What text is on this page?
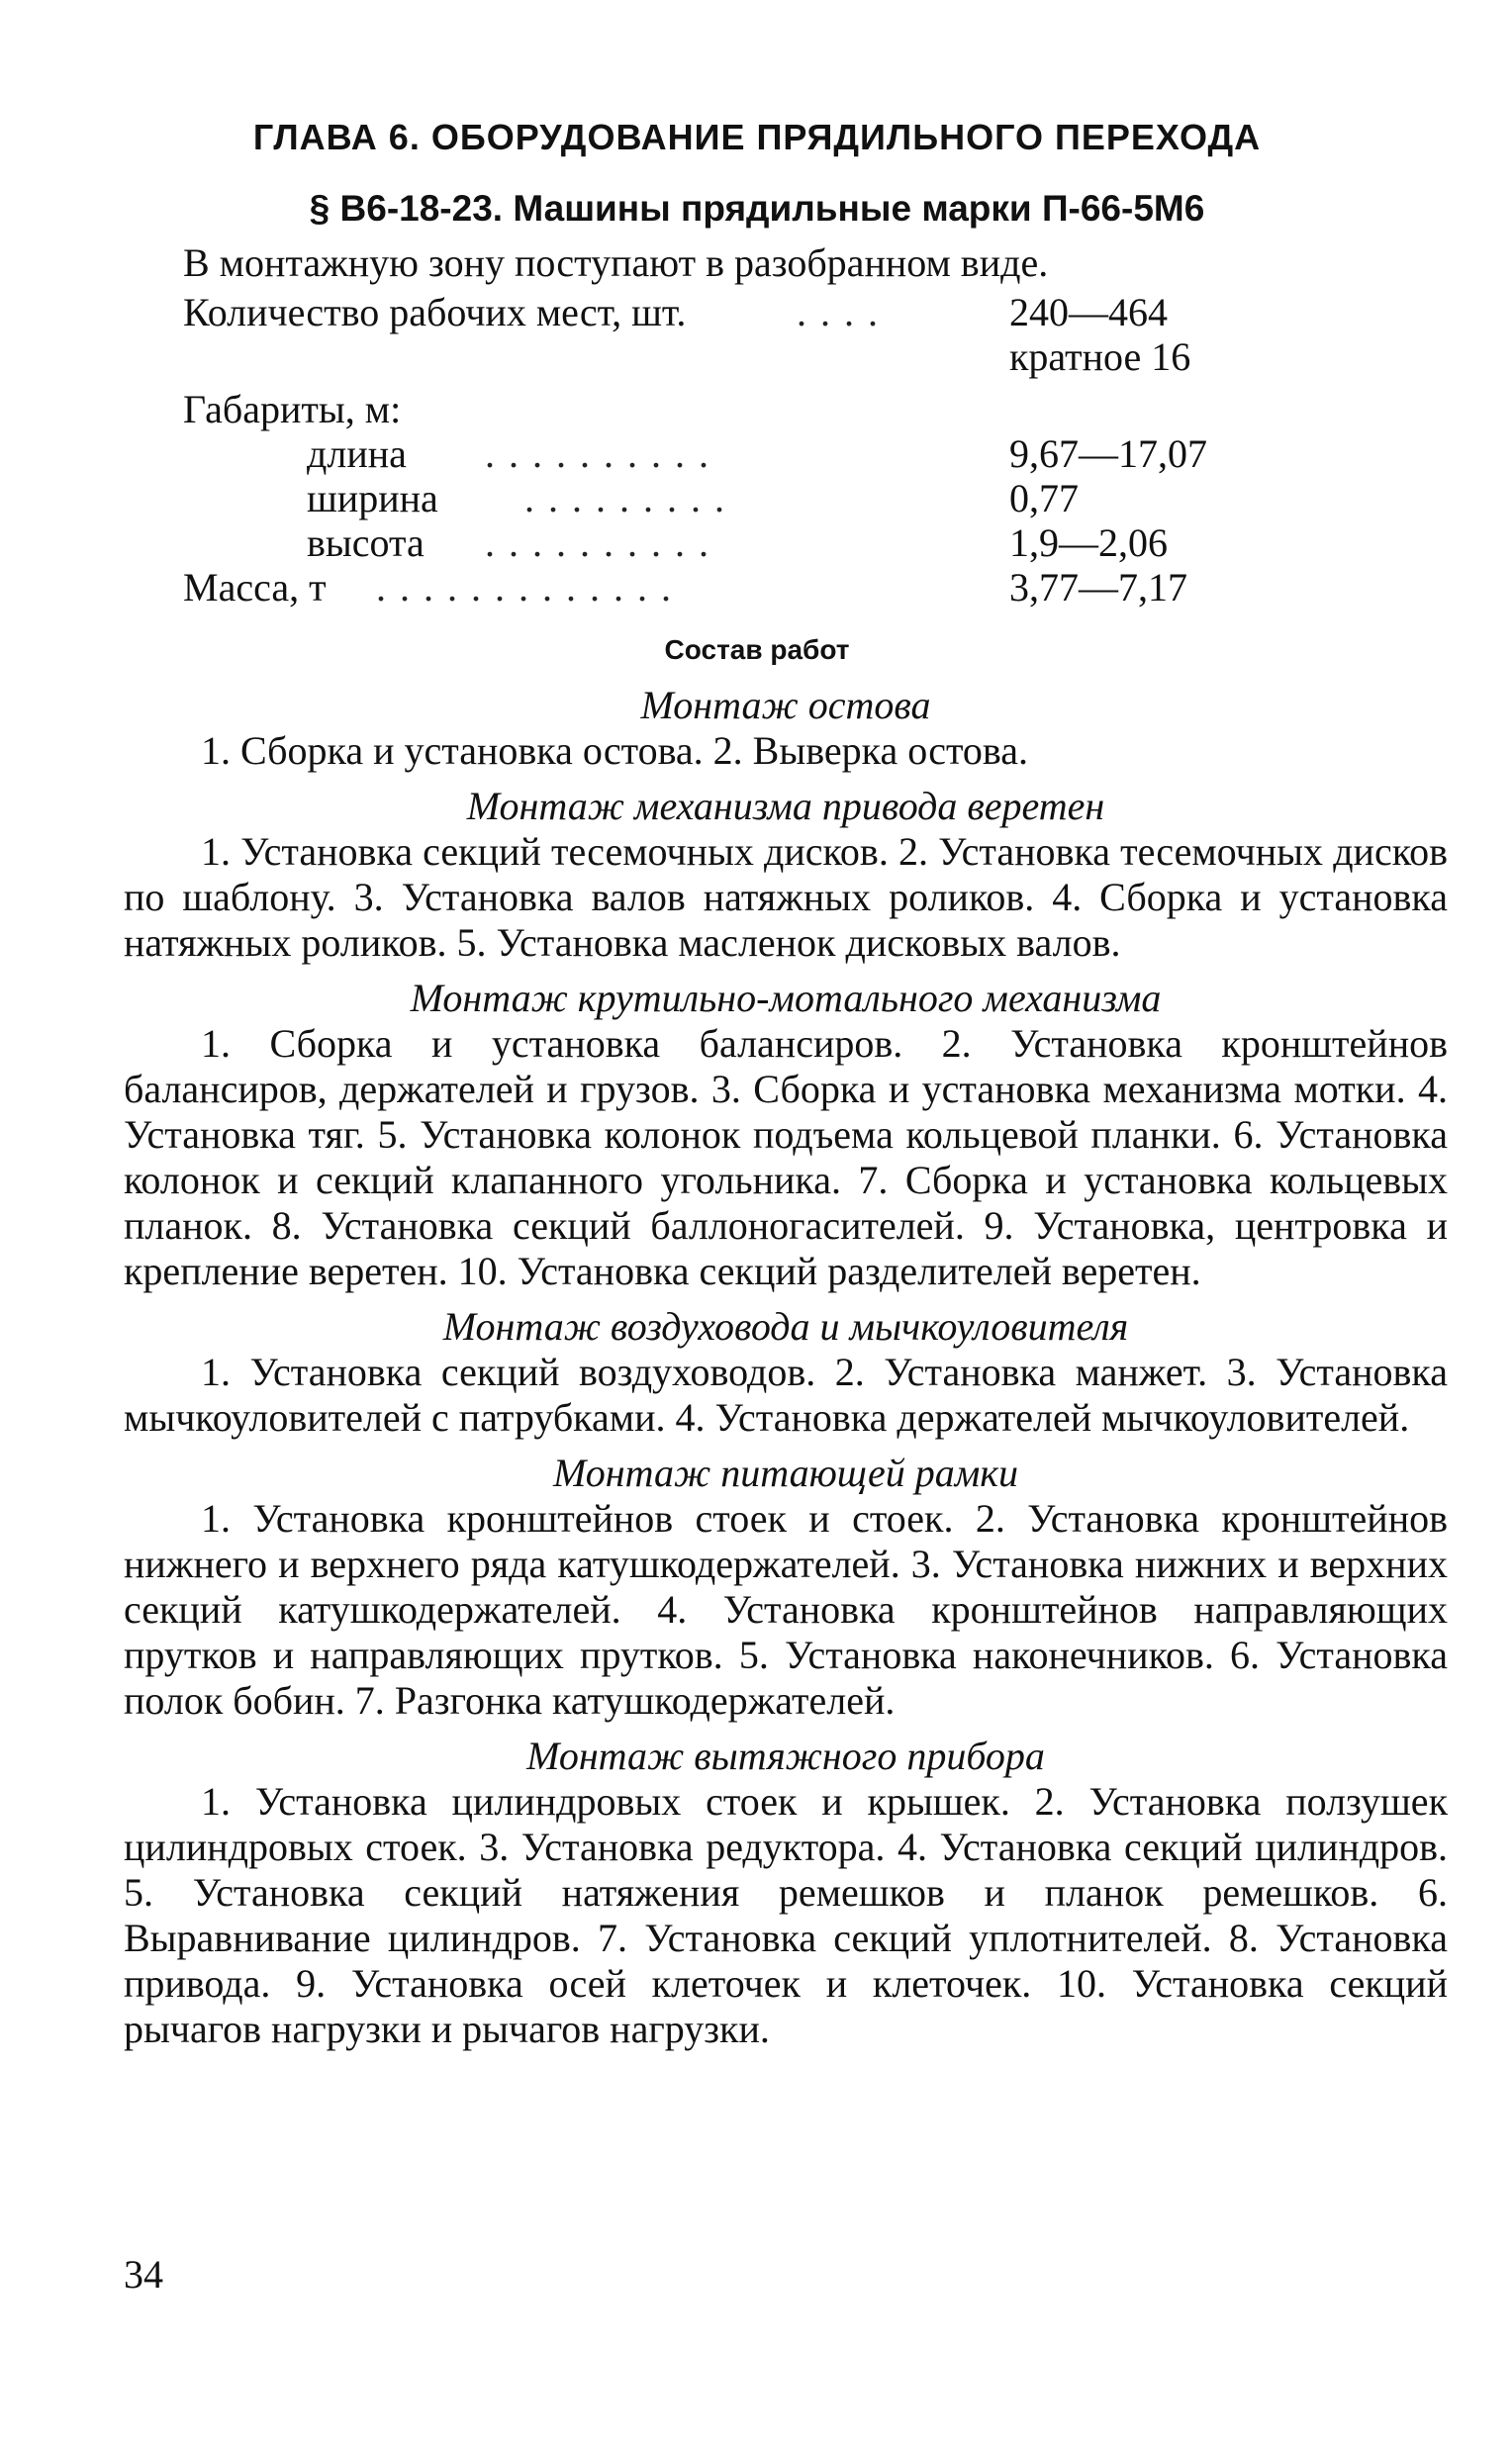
ГЛАВА 6. ОБОРУДОВАНИЕ ПРЯДИЛЬНОГО ПЕРЕХОДА
§ В6-18-23. Машины прядильные марки П-66-5М6
В монтажную зону поступают в разобранном виде.
Количество рабочих мест, шт.	....	240—464
кратное 16
Габариты, м:
длина ..........	9,67—17,07
ширина .........	0,77
высота ..........	1,9—2,06
Масса, т .............	3,77—7,17
Состав работ

Монтаж остова

1. Сборка и установка остова. 2. Выверка остова.

Монтаж механизма привода веретен

1. Установка секций тесемочных дисков. 2. Установка тесемочных дисков по шаблону. 3. Установка валов натяжных роликов. 4. Сборка и установка натяжных роликов. 5. Установка масленок дисковых валов.

Монтаж крутильно-мотального механизма

1. Сборка и установка балансиров. 2. Установка кронштейнов балансиров, держателей и грузов. 3. Сборка и установка механизма мотки. 4. Установка тяг. 5. Установка колонок подъема кольцевой планки. 6. Установка колонок и секций клапанного угольника. 7. Сборка и установка кольцевых планок. 8. Установка секций баллоногасителей. 9. Установка, центровка и крепление веретен. 10. Установка секций разделителей веретен.

Монтаж воздуховода и мычкоуловителя

1. Установка секций воздуховодов. 2. Установка манжет. 3. Установка мычкоуловителей с патрубками. 4. Установка держателей мычкоуловителей.

Монтаж питающей рамки

1. Установка кронштейнов стоек и стоек. 2. Установка кронштейнов нижнего и верхнего ряда катушкодержателей. 3. Установка нижних и верхних секций катушкодержателей. 4. Установка кронштейнов направляющих прутков и направляющих прутков. 5. Установка наконечников. 6. Установка полок бобин. 7. Разгонка катушкодержателей.

Монтаж вытяжного прибора

1. Установка цилиндровых стоек и крышек. 2. Установка ползушек цилиндровых стоек. 3. Установка редуктора. 4. Установка секций цилиндров. 5. Установка секций натяжения ремешков и планок ремешков. 6. Выравнивание цилиндров. 7. Установка секций уплотнителей. 8. Установка привода. 9. Установка осей клеточек и клеточек. 10. Установка секций рычагов нагрузки и рычагов нагрузки.

34
